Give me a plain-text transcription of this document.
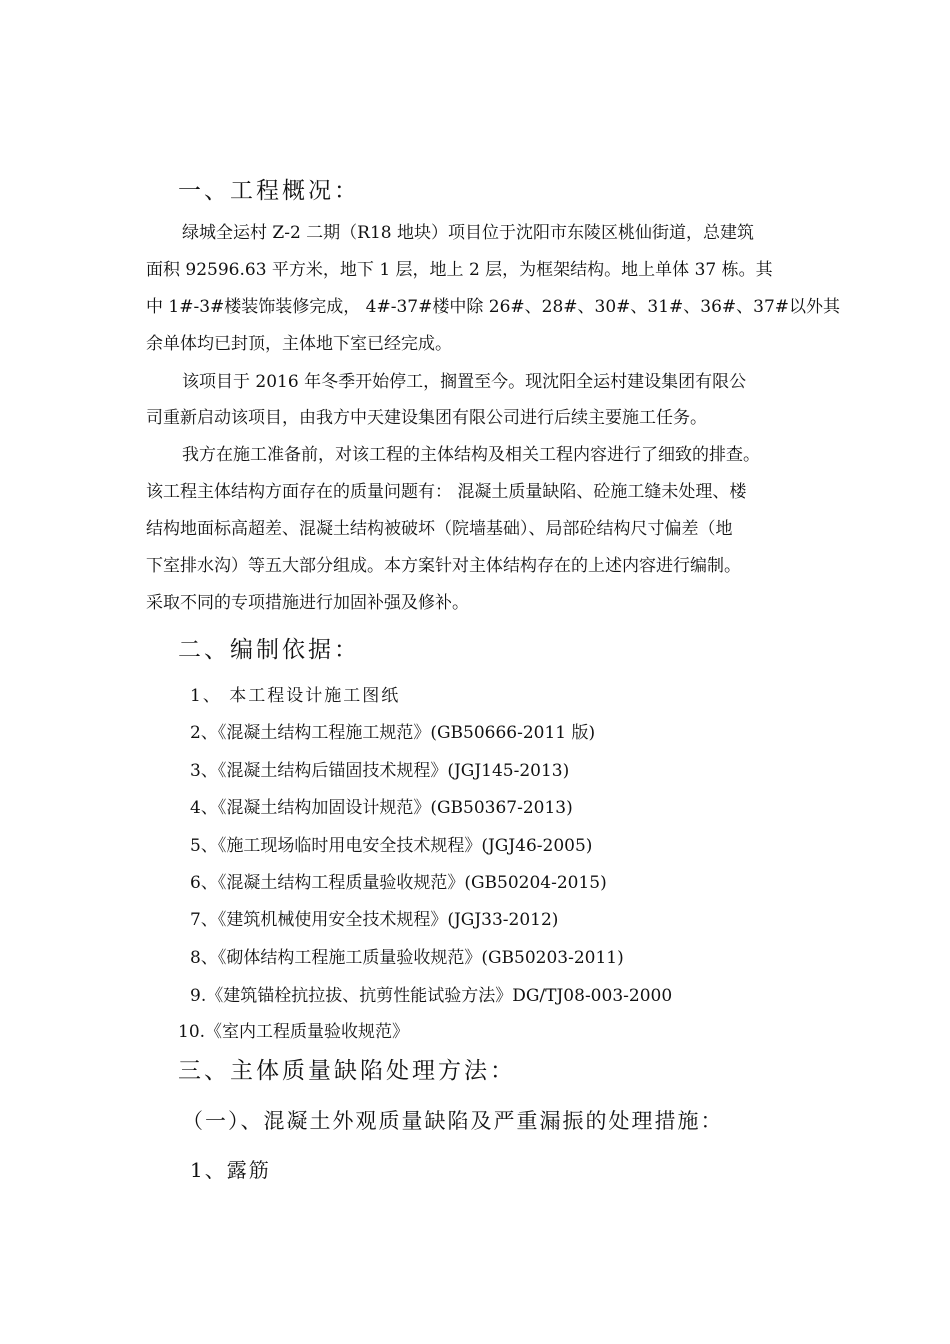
一、工程概况：
绿城全运村 Z-2 二期（R18 地块）项目位于沈阳市东陵区桃仙街道，总建筑
面积 92596.63 平方米，地下 1 层，地上 2 层，为框架结构。地上单体 37 栋。其
中 1#-3#楼装饰装修完成， 4#-37#楼中除 26#、28#、30#、31#、36#、37#以外其
余单体均已封顶，主体地下室已经完成。
该项目于 2016 年冬季开始停工，搁置至今。现沈阳全运村建设集团有限公
司重新启动该项目，由我方中天建设集团有限公司进行后续主要施工任务。
我方在施工准备前，对该工程的主体结构及相关工程内容进行了细致的排查。
该工程主体结构方面存在的质量问题有： 混凝土质量缺陷、砼施工缝未处理、楼
结构地面标高超差、混凝土结构被破坏（院墙基础）、局部砼结构尺寸偏差（地
下室排水沟）等五大部分组成。本方案针对主体结构存在的上述内容进行编制。
采取不同的专项措施进行加固补强及修补。
二、编制依据：
1、 本工程设计施工图纸
2、《混凝土结构工程施工规范》(GB50666-2011 版)
3、《混凝土结构后锚固技术规程》(JGJ145-2013)
4、《混凝土结构加固设计规范》(GB50367-2013)
5、《施工现场临时用电安全技术规程》(JGJ46-2005)
6、《混凝土结构工程质量验收规范》(GB50204-2015)
7、《建筑机械使用安全技术规程》(JGJ33-2012)
8、《砌体结构工程施工质量验收规范》(GB50203-2011)
9.《建筑锚栓抗拉拔、抗剪性能试验方法》DG/TJ08-003-2000
10.《室内工程质量验收规范》
三、主体质量缺陷处理方法：
（一）、混凝土外观质量缺陷及严重漏振的处理措施：
1、露筋
